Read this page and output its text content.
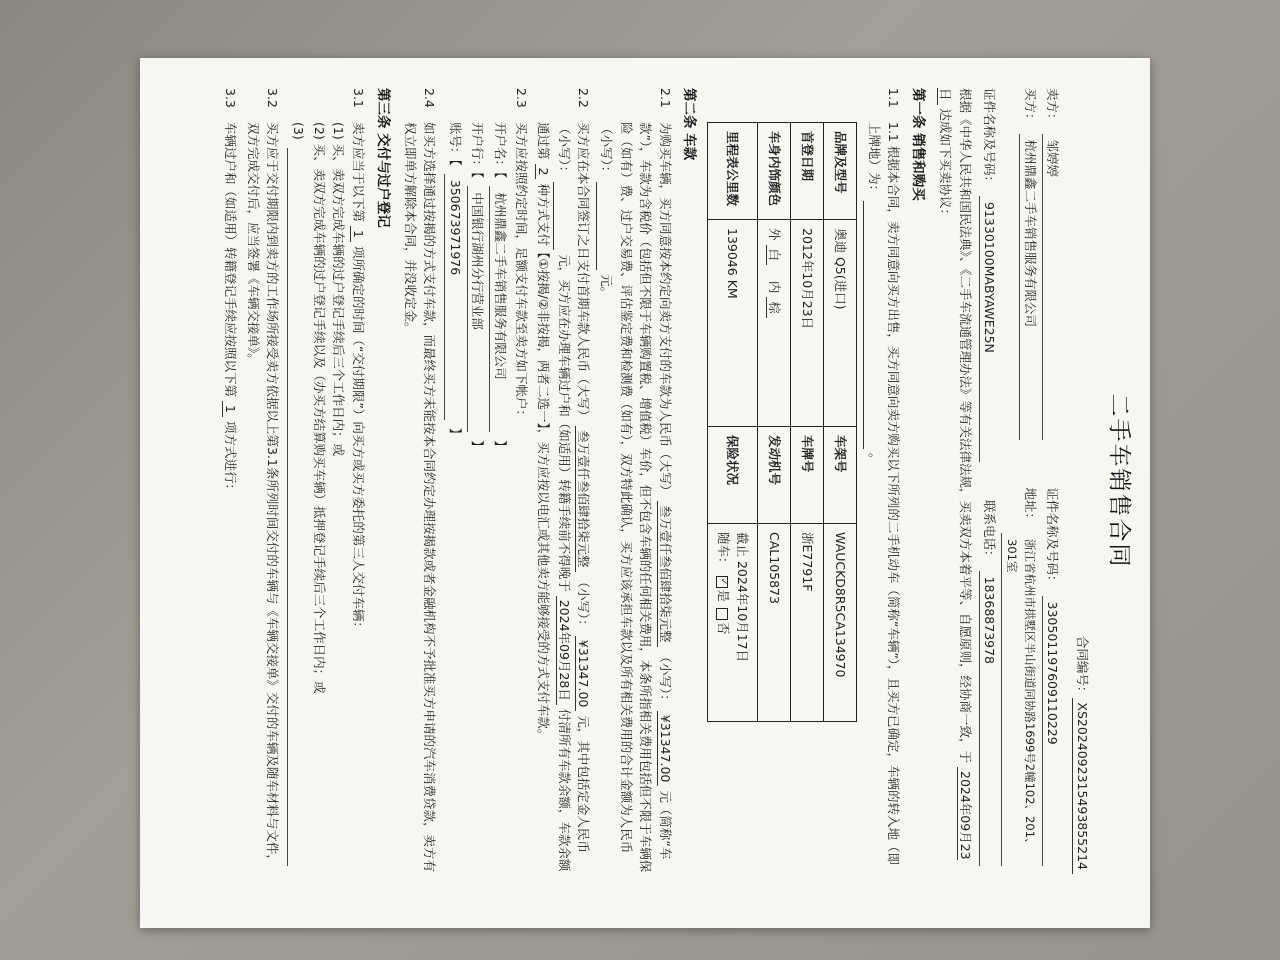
二手车销售合同
合同编号：
XS2024092315493855214
卖方：
邹婷婷
证件名称及号码：
330501197609110229
买方：
杭州鼎鑫二手车销售服务有限公司
地址：
浙江省杭州市拱墅区半山街道同协路1699号2幢102、201、301室
证件名称及号码：
91330100MABYAWE25N
联系电话：
18368873978
根据《中华人民共和国民法典》、《二手车流通管理办法》等有关法律法规，买卖双方本着平等、自愿原则，经协商一致，于 2024年09月23日 达成如下买卖协议：
第一条 销售和购买
1.1
1.1 根据本合同，卖方同意向买方出售，买方同意向卖方购买以下所列的二手机动车（简称“车辆”），且买方已确定，车辆的转入地（即上牌地）为：   。
品牌及型号	奥迪 Q5(进口)	车架号	WAUCKD8R5CA134970
首登日期	2012年10月23日	车牌号	浙E7791F
车身内饰颜色	外 白    内 棕	发动机号	CAL105873
里程表公里数	139046 KM	保险状况	截止 2024年10月17日
随车： ✓是 否
第二条 车款
2.1
为购买车辆，买方同意按本约定向卖方支付的车款为人民币（大写） 叁万壹仟叁佰肆拾柒元整 （小写）： ¥31347.00 元（简称“车款”），车款为含税价（包括但不限于车辆购置税、增值税）车价，但不包含车辆的任何相关费用，本条所指相关费用包括但不限于车辆保险（如有）费、过户交易费、评估鉴定费和检测费（如有），双方特此确认，买方应该承担车款以及所有相关费用的合计金额为人民币（小写）：   元。
2.2
买方应在本合同签订之日支付首期车款人民币（大写） 叁万壹仟叁佰肆拾柒元整 （小写）： ¥31347.00 元，其中包括定金人民币（小写）：   元，买方应在办理车辆过户和（如适用）转籍手续前不得晚于 2024年09月28日 付清所有车款余额，车款余额通过第 2 种方式支付【①按揭/②非按揭，两者二选一】，买方应按以电汇或其他卖方能够接受的方式支付车款。
2.3
买方应按照约定时间，足额支付车款至卖方如下帐户：
开户名：【
杭州鼎鑫二手车销售服务有限公司
】
开户行：【
中国银行湖州分行营业部
】
账号：【
350673971976
】
2.4
如买方选择通过按揭的方式支付车款，而最终买方未能按本合同约定办理按揭款或者金融机构不予批准买方申请的汽车消费贷款，卖方有权立即单方解除本合同，并没收定金。
第三条 交付与过户登记
3.1
卖方应当于以下第 1 项所确定的时间（“交付期限”）向买方或买方委托的第三人交付车辆：
(1) 买、卖双方完成车辆的过户登记手续后三个工作日内；或
(2) 买、卖双方完成车辆的过户登记手续以及（办买方结算购买车辆）抵押登记手续后三个工作日内；或
(3)

3.2
买方应于交付期限内到卖方的工作场所接受卖方依据以上第3.1条所列时间交付的车辆与《车辆交接单》交付的车辆及随车材料与文件，双方完成交付后，应当签署《车辆交接单》。
3.3
车辆过户和（如适用）转籍登记手续应按照以下第 1 项方式进行：
